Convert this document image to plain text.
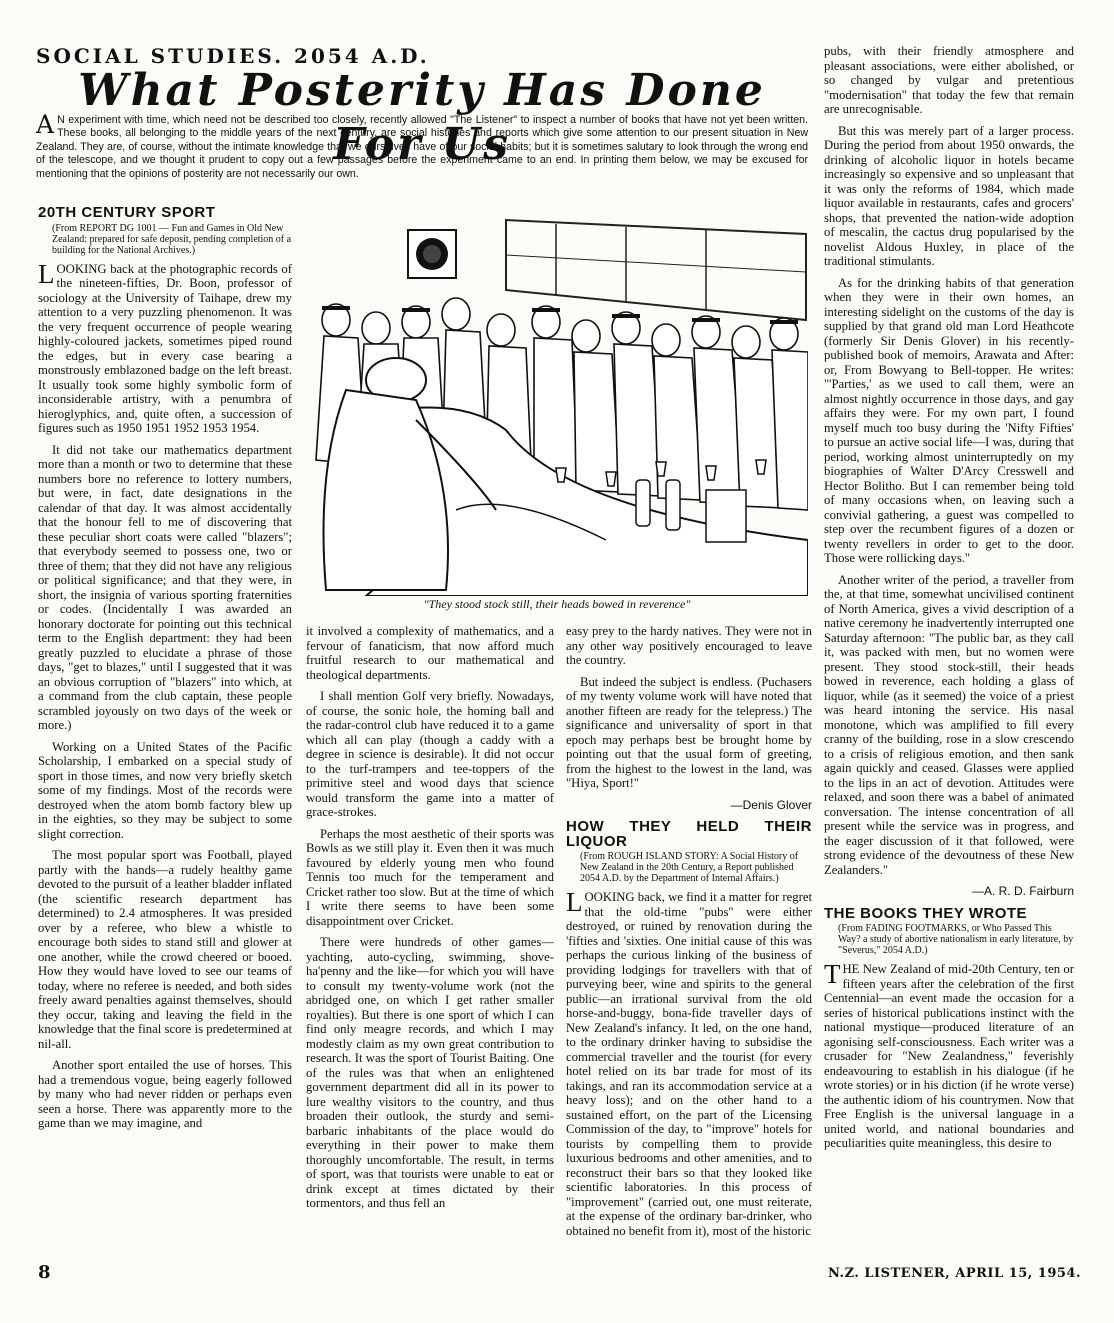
SOCIAL STUDIES. 2054 A.D.
What Posterity Has Done For Us
A N experiment with time, which need not be described too closely, recently allowed "The Listener" to inspect a number of books that have not yet been written. These books, all belonging to the middle years of the next century, are social histories and reports which give some attention to our present situation in New Zealand. They are, of course, without the intimate knowledge that we ourselves have of our social habits; but it is sometimes salutary to look through the wrong end of the telescope, and we thought it prudent to copy out a few passages before the experiment came to an end. In printing them below, we may be excused for mentioning that the opinions of posterity are not necessarily our own.
20TH CENTURY SPORT
(From REPORT DG 1001 — Fun and Games in Old New Zealand: prepared for safe deposit, pending completion of a building for the National Archives.)

LOOKING back at the photographic records of the nineteen-fifties, Dr. Boon, professor of sociology at the University of Taihape, drew my attention to a very puzzling phenomenon. It was the very frequent occurrence of people wearing highly-coloured jackets, sometimes piped round the edges, but in every case bearing a monstrously emblazoned badge on the left breast. It usually took some highly symbolic form of inconsiderable artistry, with a penumbra of hieroglyphics, and, quite often, a succession of figures such as 1950 1951 1952 1953 1954.

It did not take our mathematics department more than a month or two to determine that these numbers bore no reference to lottery numbers, but were, in fact, date designations in the calendar of that day. It was almost accidentally that the honour fell to me of discovering that these peculiar short coats were called "blazers"; that everybody seemed to possess one, two or three of them; that they did not have any religious or political significance; and that they were, in short, the insignia of various sporting fraternities or codes. (Incidentally I was awarded an honorary doctorate for pointing out this technical term to the English department: they had been greatly puzzled to elucidate a phrase of those days, "get to blazes," until I suggested that it was an obvious corruption of "blazers" into which, at a command from the club captain, these people scrambled joyously on two days of the week or more.)

Working on a United States of the Pacific Scholarship, I embarked on a special study of sport in those times, and now very briefly sketch some of my findings. Most of the records were destroyed when the atom bomb factory blew up in the eighties, so they may be subject to some slight correction.

The most popular sport was Football, played partly with the hands—a rudely healthy game devoted to the pursuit of a leather bladder inflated (the scientific research department has determined) to 2.4 atmospheres. It was presided over by a referee, who blew a whistle to encourage both sides to stand still and glower at one another, while the crowd cheered or booed. How they would have loved to see our teams of today, where no referee is needed, and both sides freely award penalties against themselves, should they occur, taking and leaving the field in the knowledge that the final score is predetermined at nil-all.

Another sport entailed the use of horses. This had a tremendous vogue, being eagerly followed by many who had never ridden or perhaps even seen a horse. There was apparently more to the game than we may imagine, and

"They stood stock still, their heads bowed in reverence"

it involved a complexity of mathematics, and a fervour of fanaticism, that now afford much fruitful research to our mathematical and theological departments.

I shall mention Golf very briefly. Nowadays, of course, the sonic hole, the homing ball and the radar-control club have reduced it to a game which all can play (though a caddy with a degree in science is desirable). It did not occur to the turf-trampers and tee-toppers of the primitive steel and wood days that science would transform the game into a matter of grace-strokes.

Perhaps the most aesthetic of their sports was Bowls as we still play it. Even then it was much favoured by elderly young men who found Tennis too much for the temperament and Cricket rather too slow. But at the time of which I write there seems to have been some disappointment over Cricket.

There were hundreds of other games—yachting, auto-cycling, swimming, shove-ha'penny and the like—for which you will have to consult my twenty-volume work (not the abridged one, on which I get rather smaller royalties). But there is one sport of which I can find only meagre records, and which I may modestly claim as my own great contribution to research. It was the sport of Tourist Baiting. One of the rules was that when an enlightened government department did all in its power to lure wealthy visitors to the country, and thus broaden their outlook, the sturdy and semi-barbaric inhabitants of the place would do everything in their power to make them thoroughly uncomfortable. The result, in terms of sport, was that tourists were unable to eat or drink except at times dictated by their tormentors, and thus fell an

easy prey to the hardy natives. They were not in any other way positively encouraged to leave the country.

But indeed the subject is endless. (Puchasers of my twenty volume work will have noted that another fifteen are ready for the telepress.) The significance and universality of sport in that epoch may perhaps best be brought home by pointing out that the usual form of greeting, from the highest to the lowest in the land, was "Hiya, Sport!"

—Denis Glover
HOW THEY HELD THEIR LIQUOR
(From ROUGH ISLAND STORY: A Social History of New Zealand in the 20th Century, a Report published 2054 A.D. by the Department of Internal Affairs.)

LOOKING back, we find it a matter for regret that the old-time "pubs" were either destroyed, or ruined by renovation during the 'fifties and 'sixties. One initial cause of this was perhaps the curious linking of the business of providing lodgings for travellers with that of purveying beer, wine and spirits to the general public—an irrational survival from the old horse-and-buggy, bona-fide traveller days of New Zealand's infancy. It led, on the one hand, to the ordinary drinker having to subsidise the commercial traveller and the tourist (for every hotel relied on its bar trade for most of its takings, and ran its accommodation service at a heavy loss); and on the other hand to a sustained effort, on the part of the Licensing Commission of the day, to "improve" hotels for tourists by compelling them to provide luxurious bedrooms and other amenities, and to reconstruct their bars so that they looked like scientific laboratories. In this process of "improvement" (carried out, one must reiterate, at the expense of the ordinary bar-drinker, who obtained no benefit from it), most of the historic

pubs, with their friendly atmosphere and pleasant associations, were either abolished, or so changed by vulgar and pretentious "modernisation" that today the few that remain are unrecognisable.

But this was merely part of a larger process. During the period from about 1950 onwards, the drinking of alcoholic liquor in hotels became increasingly so expensive and so unpleasant that it was only the reforms of 1984, which made liquor available in restaurants, cafes and grocers' shops, that prevented the nation-wide adoption of mescalin, the cactus drug popularised by the novelist Aldous Huxley, in place of the traditional stimulants.

As for the drinking habits of that generation when they were in their own homes, an interesting sidelight on the customs of the day is supplied by that grand old man Lord Heathcote (formerly Sir Denis Glover) in his recently-published book of memoirs, Arawata and After: or, From Bowyang to Bell-topper. He writes: "'Parties,' as we used to call them, were an almost nightly occurrence in those days, and gay affairs they were. For my own part, I found myself much too busy during the 'Nifty Fifties' to pursue an active social life—I was, during that period, working almost uninterruptedly on my biographies of Walter D'Arcy Cresswell and Hector Bolitho. But I can remember being told of many occasions when, on leaving such a convivial gathering, a guest was compelled to step over the recumbent figures of a dozen or twenty revellers in order to get to the door. Those were rollicking days."

Another writer of the period, a traveller from the, at that time, somewhat uncivilised continent of North America, gives a vivid description of a native ceremony he inadvertently interrupted one Saturday afternoon: "The public bar, as they call it, was packed with men, but no women were present. They stood stock-still, their heads bowed in reverence, each holding a glass of liquor, while (as it seemed) the voice of a priest was heard intoning the service. His nasal monotone, which was amplified to fill every cranny of the building, rose in a slow crescendo to a crisis of religious emotion, and then sank again quickly and ceased. Glasses were applied to the lips in an act of devotion. Attitudes were relaxed, and soon there was a babel of animated conversation. The intense concentration of all present while the service was in progress, and the eager discussion of it that followed, were strong evidence of the devoutness of these New Zealanders."

—A. R. D. Fairburn
THE BOOKS THEY WROTE
(From FADING FOOTMARKS, or Who Passed This Way? a study of abortive nationalism in early literature, by "Severus," 2054 A.D.)

THE New Zealand of mid-20th Century, ten or fifteen years after the celebration of the first Centennial—an event made the occasion for a series of historical publications instinct with the national mystique—produced literature of an agonising self-consciousness. Each writer was a crusader for "New Zealandness," feverishly endeavouring to establish in his dialogue (if he wrote stories) or in his diction (if he wrote verse) the authentic idiom of his countrymen. Now that Free English is the universal language in a united world, and national boundaries and peculiarities quite meaningless, this desire to

8	N.Z. LISTENER, APRIL 15, 1954.
